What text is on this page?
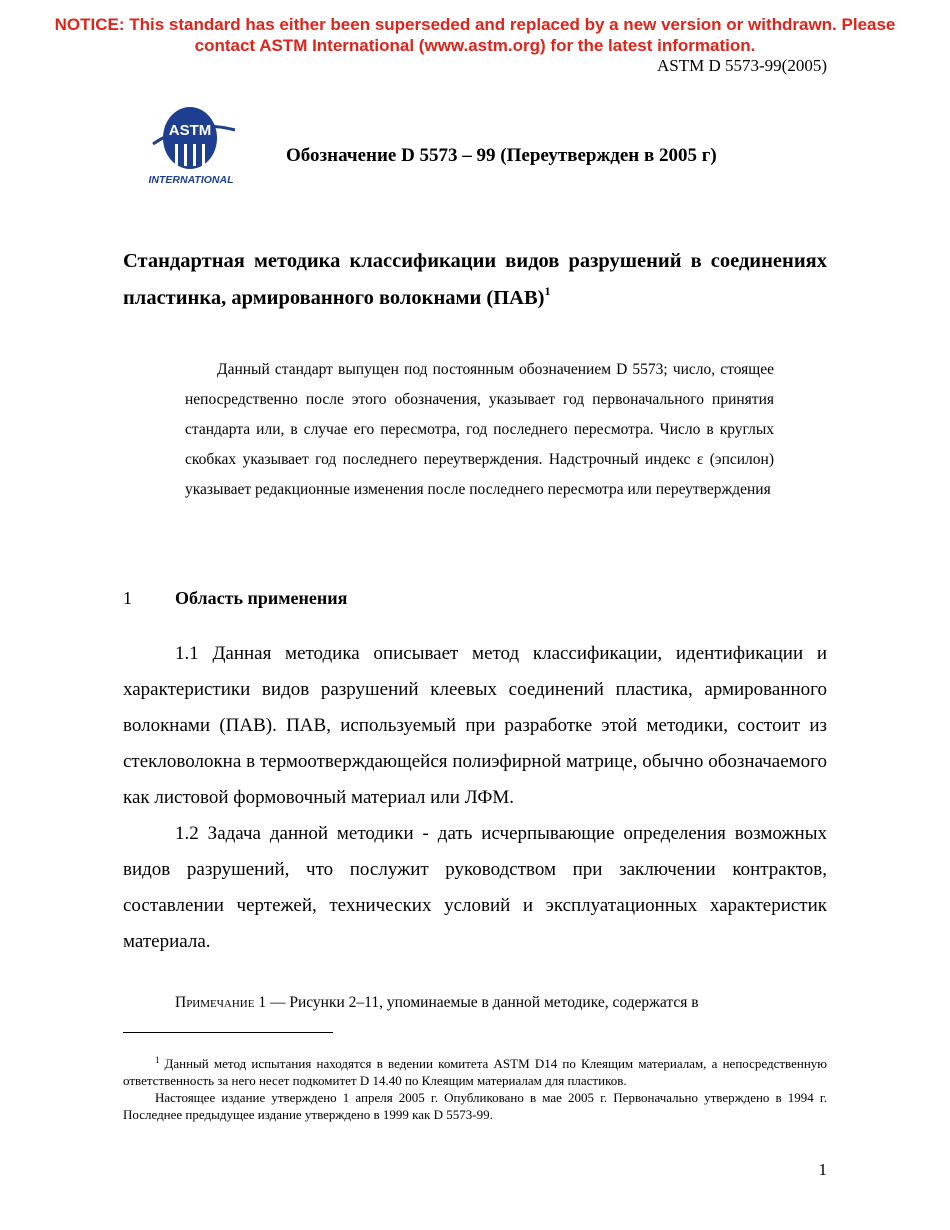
NOTICE: This standard has either been superseded and replaced by a new version or withdrawn. Please
contact ASTM International (www.astm.org) for the latest information.
ASTM D 5573-99(2005)
ASTM
INTERNATIONAL
Обозначение D 5573 – 99 (Переутвержден в 2005 г)
Стандартная методика классификации видов разрушений в соединениях пластинка, армированного волокнами (ПАВ)$^1$
Данный стандарт выпущен под постоянным обозначением D 5573; число, стоящее непосредственно после этого обозначения, указывает год первоначального принятия стандарта или, в случае его пересмотра, год последнего пересмотра. Число в круглых скобках указывает год последнего переутверждения. Надстрочный индекс ε (эпсилон) указывает редакционные изменения после последнего пересмотра или переутверждения
1 Область применения

1.1 Данная методика описывает метод классификации, идентификации и характеристики видов разрушений клеевых соединений пластика, армированного волокнами (ПАВ). ПАВ, используемый при разработке этой методики, состоит из стекловолокна в термоотверждающейся полиэфирной матрице, обычно обозначаемого как листовой формовочный материал или ЛФМ.

1.2 Задача данной методики - дать исчерпывающие определения возможных видов разрушений, что послужит руководством при заключении контрактов, составлении чертежей, технических условий и эксплуатационных характеристик материала.

Примечание 1 — Рисунки 2–11, упоминаемые в данной методике, содержатся в

$^1$ Данный метод испытания находятся в ведении комитета ASTM D14 по Клеящим материалам, а непосредственную ответственность за него несет подкомитет D 14.40 по Клеящим материалам для пластиков.

Настоящее издание утверждено 1 апреля 2005 г. Опубликовано в мае 2005 г. Первоначально утверждено в 1994 г. Последнее предыдущее издание утверждено в 1999 как D 5573-99.

1
